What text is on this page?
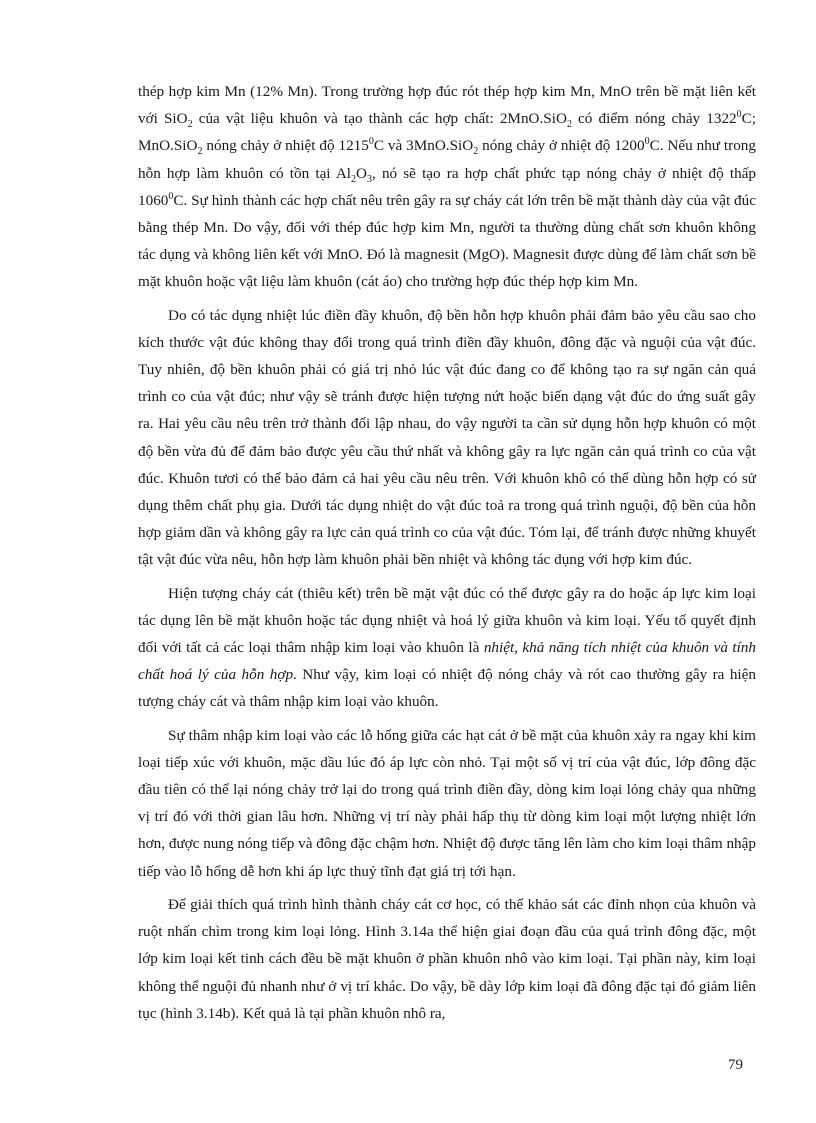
thép hợp kim Mn (12% Mn). Trong trường hợp đúc rót thép hợp kim Mn, MnO trên bề mặt liên kết với SiO$_2$ của vật liệu khuôn và tạo thành các hợp chất: 2MnO.SiO$_2$ có điểm nóng chảy 1322$^0$C; MnO.SiO$_2$ nóng chảy ở nhiệt độ 1215$^0$C và 3MnO.SiO$_2$ nóng chảy ở nhiệt độ 1200$^0$C. Nếu như trong hỗn hợp làm khuôn có tồn tại $Al_2O_3$, nó sẽ tạo ra hợp chất phức tạp nóng chảy ở nhiệt độ thấp 1060$^0$C. Sự hình thành các hợp chất nêu trên gây ra sự cháy cát lớn trên bề mặt thành dày của vật đúc bằng thép Mn. Do vậy, đối với thép đúc hợp kim Mn, người ta thường dùng chất sơn khuôn không tác dụng và không liên kết với MnO. Đó là magnesit (MgO). Magnesit được dùng để làm chất sơn bề mặt khuôn hoặc vật liệu làm khuôn (cát áo) cho trường hợp đúc thép hợp kim Mn.

Do có tác dụng nhiệt lúc điền đầy khuôn, độ bền hỗn hợp khuôn phải đảm bảo yêu cầu sao cho kích thước vật đúc không thay đổi trong quá trình điền đầy khuôn, đông đặc và nguội của vật đúc. Tuy nhiên, độ bền khuôn phải có giá trị nhỏ lúc vật đúc đang co để không tạo ra sự ngăn cản quá trình co của vật đúc; như vậy sẽ tránh được hiện tượng nứt hoặc biến dạng vật đúc do ứng suất gây ra. Hai yêu cầu nêu trên trở thành đối lập nhau, do vậy người ta cần sử dụng hỗn hợp khuôn có một độ bền vừa đủ để đảm bảo được yêu cầu thứ nhất và không gây ra lực ngăn cản quá trình co của vật đúc. Khuôn tươi có thể bảo đảm cả hai yêu cầu nêu trên. Với khuôn khô có thể dùng hỗn hợp có sử dụng thêm chất phụ gia. Dưới tác dụng nhiệt do vật đúc toả ra trong quá trình nguội, độ bền của hỗn hợp giảm dần và không gây ra lực cản quá trình co của vật đúc. Tóm lại, để tránh được những khuyết tật vật đúc vừa nêu, hỗn hợp làm khuôn phải bền nhiệt và không tác dụng với hợp kim đúc.

Hiện tượng cháy cát (thiêu kết) trên bề mặt vật đúc có thể được gây ra do hoặc áp lực kim loại tác dụng lên bề mặt khuôn hoặc tác dụng nhiệt và hoá lý giữa khuôn và kim loại. Yếu tố quyết định đối với tất cả các loại thâm nhập kim loại vào khuôn là nhiệt, khả năng tích nhiệt của khuôn và tính chất hoá lý của hỗn hợp. Như vậy, kim loại có nhiệt độ nóng chảy và rót cao thường gây ra hiện tượng cháy cát và thâm nhập kim loại vào khuôn.

Sự thâm nhập kim loại vào các lỗ hổng giữa các hạt cát ở bề mặt của khuôn xảy ra ngay khi kim loại tiếp xúc với khuôn, mặc dầu lúc đó áp lực còn nhỏ. Tại một số vị trí của vật đúc, lớp đông đặc đầu tiên có thể lại nóng chảy trở lại do trong quá trình điền đầy, dòng kim loại lỏng chảy qua những vị trí đó với thời gian lâu hơn. Những vị trí này phải hấp thụ từ dòng kim loại một lượng nhiệt lớn hơn, được nung nóng tiếp và đông đặc chậm hơn. Nhiệt độ được tăng lên làm cho kim loại thâm nhập tiếp vào lỗ hổng dễ hơn khi áp lực thuỷ tĩnh đạt giá trị tới hạn.

Để giải thích quá trình hình thành cháy cát cơ học, có thể khảo sát các đỉnh nhọn của khuôn và ruột nhấn chìm trong kim loại lỏng. Hình 3.14a thể hiện giai đoạn đầu của quá trình đông đặc, một lớp kim loại kết tinh cách đều bề mặt khuôn ở phần khuôn nhô vào kim loại. Tại phần này, kim loại không thể nguội đủ nhanh như ở vị trí khác. Do vậy, bề dày lớp kim loại đã đông đặc tại đó giảm liên tục (hình 3.14b). Kết quả là tại phần khuôn nhô ra,

79
